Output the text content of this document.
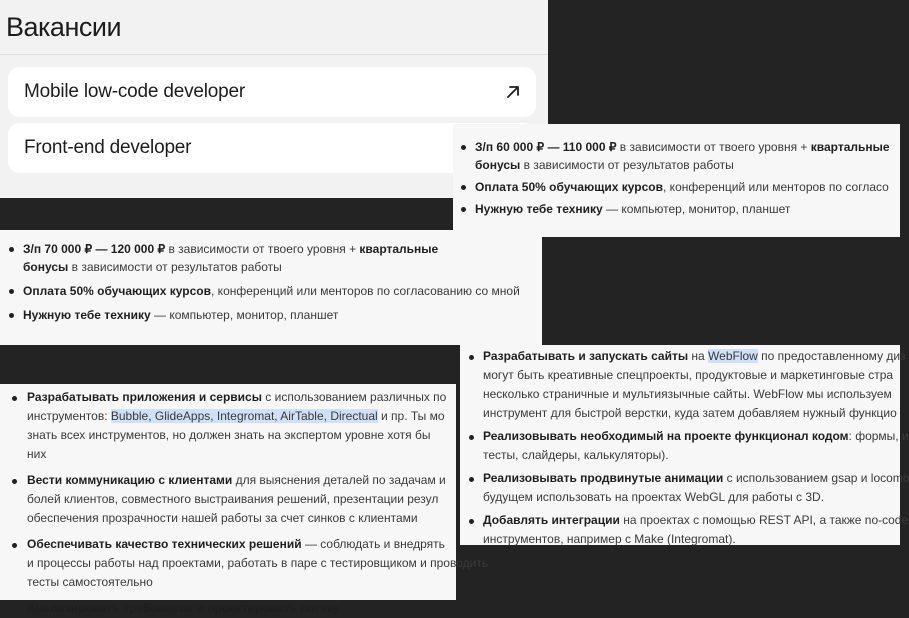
Вакансии
Mobile low-code developer
Front-end developer	З/п 60 000 ₽ — 110 000 ₽ в зависимости от твоего уровня + квартальные
бонусы в зависимости от результатов работы
Оплата 50% обучающих курсов, конференций или менторов по согласо
Нужную тебе технику — компьютер, монитор, планшет
З/п 70 000 ₽ — 120 000 ₽ в зависимости от твоего уровня + квартальные
бонусы в зависимости от результатов работы
Оплата 50% обучающих курсов, конференций или менторов по согласованию со мной
Нужную тебе технику — компьютер, монитор, планшет
Разрабатывать приложения и сервисы с использованием различных по
инструментов: Bubble, GlideApps, Integromat, AirTable, Directual и пр. Ты мо
знать всех инструментов, но должен знать на экспертом уровне хотя бы
них
Вести коммуникацию с клиентами для выяснения деталей по задачам и
болей клиентов, совместного выстраивания решений, презентации резул
обеспечения прозрачности нашей работы за счет синков с клиентами
Обеспечивать качество технических решений — соблюдать и внедрять
и процессы работы над проектами, работать в паре с тестировщиком и проводить
тесты самостоятельно
Анализировать требования и проектировать логику
Разрабатывать и запускать сайты на WebFlow по предоставленному диз
могут быть креативные спецпроекты, продуктовые и маркетинговые стра
несколько страничные и мультиязычные сайты. WebFlow мы используем
инструмент для быстрой верстки, куда затем добавляем нужный функцио
Реализовывать необходимый на проекте функционал кодом: формы, и
тесты, слайдеры, калькуляторы).
Реализовывать продвинутые анимации с использованием gsap и locomo
будущем использовать на проектах WebGL для работы с 3D.
Добавлять интеграции на проектах с помощью REST API, а также no-code
инструментов, например с Make (Integromat).
